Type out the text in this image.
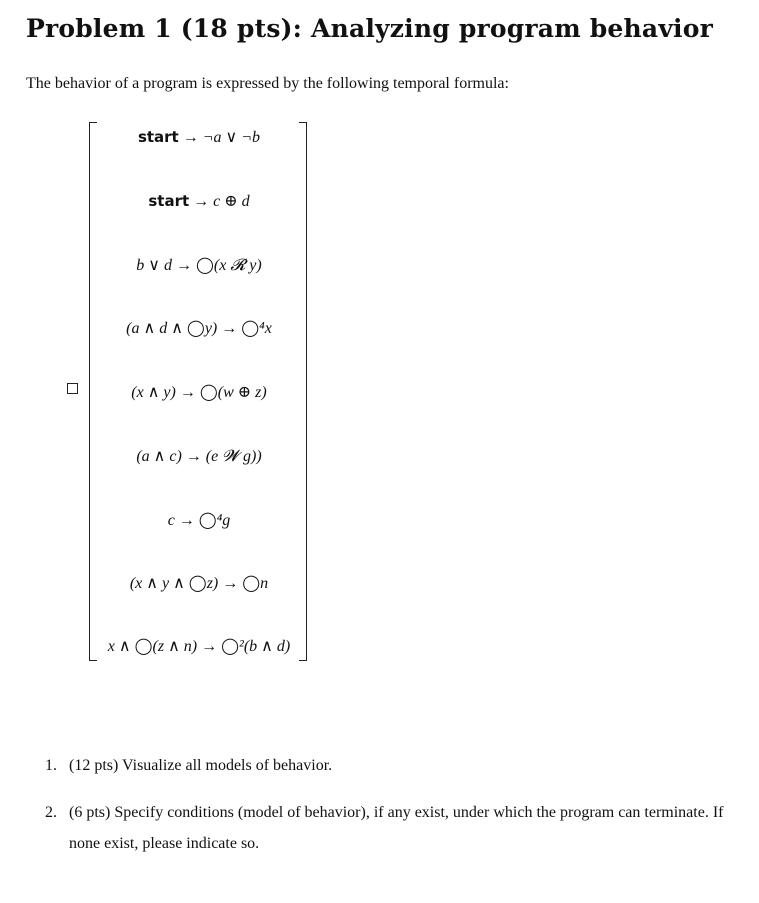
Problem 1 (18 pts): Analyzing program behavior

The behavior of a program is expressed by the following temporal formula:

start → ¬a ∨ ¬b
start → c ⊕ d
b ∨ d → ◯(x 𝓡 y)
(a ∧ d ∧ ◯y) → ◯⁴x
(x ∧ y) → ◯(w ⊕ z)
(a ∧ c) → (e 𝓦 g))
c → ◯⁴g
(x ∧ y ∧ ◯z) → ◯n
x ∧ ◯(z ∧ n) → ◯²(b ∧ d)
1. (12 pts) Visualize all models of behavior.
2. (6 pts) Specify conditions (model of behavior), if any exist, under which the program can terminate. If none exist, please indicate so.
